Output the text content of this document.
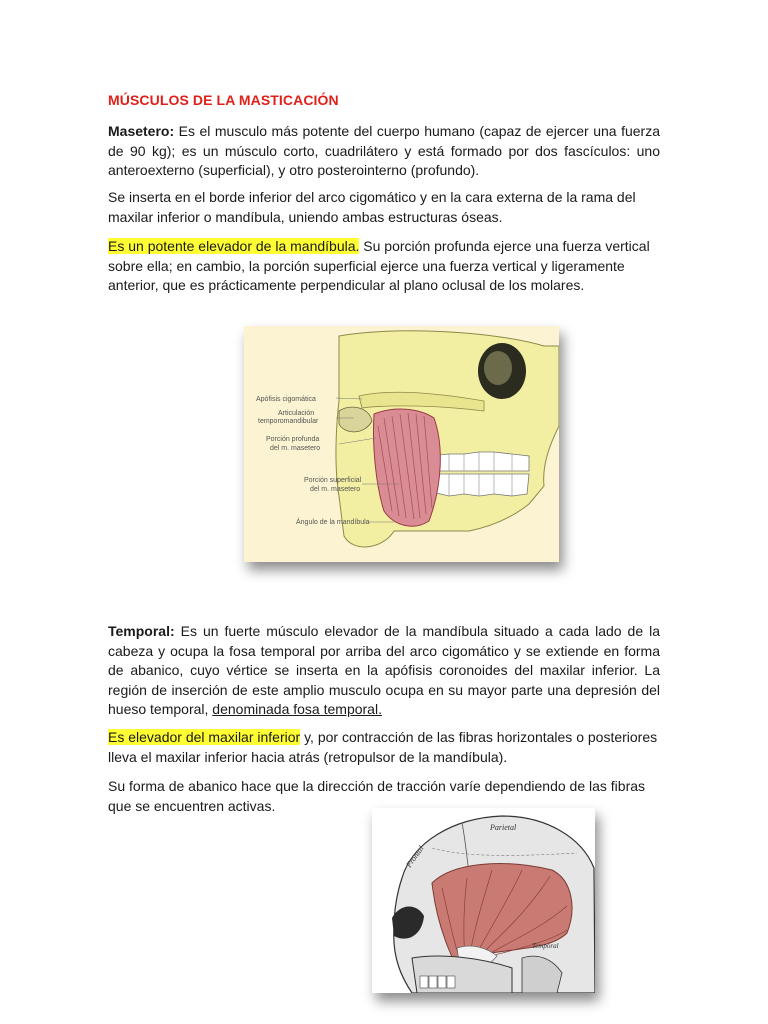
MÚSCULOS DE LA MASTICACIÓN

Masetero: Es el musculo más potente del cuerpo humano (capaz de ejercer una fuerza de 90 kg); es un músculo corto, cuadrilátero y está formado por dos fascículos: uno anteroexterno (superficial), y otro posterointerno (profundo).

Se inserta en el borde inferior del arco cigomático y en la cara externa de la rama del maxilar inferior o mandíbula, uniendo ambas estructuras óseas.

Es un potente elevador de la mandíbula. Su porción profunda ejerce una fuerza vertical sobre ella; en cambio, la porción superficial ejerce una fuerza vertical y ligeramente anterior, que es prácticamente perpendicular al plano oclusal de los molares.

Apófisis cigomática
Articulación
temporomandibular
Porción profunda
del m. masetero
Porción superficial
del m. masetero
Ángulo de la mandíbula

Temporal: Es un fuerte músculo elevador de la mandíbula situado a cada lado de la cabeza y ocupa la fosa temporal por arriba del arco cigomático y se extiende en forma de abanico, cuyo vértice se inserta en la apófisis coronoides del maxilar inferior. La región de inserción de este amplio musculo ocupa en su mayor parte una depresión del hueso temporal, denominada fosa temporal.

Es elevador del maxilar inferior y, por contracción de las fibras horizontales o posteriores lleva el maxilar inferior hacia atrás (retropulsor de la mandíbula).

Su forma de abanico hace que la dirección de tracción varíe dependiendo de las fibras que se encuentren activas.

Parietal
Frontal
Temporal
